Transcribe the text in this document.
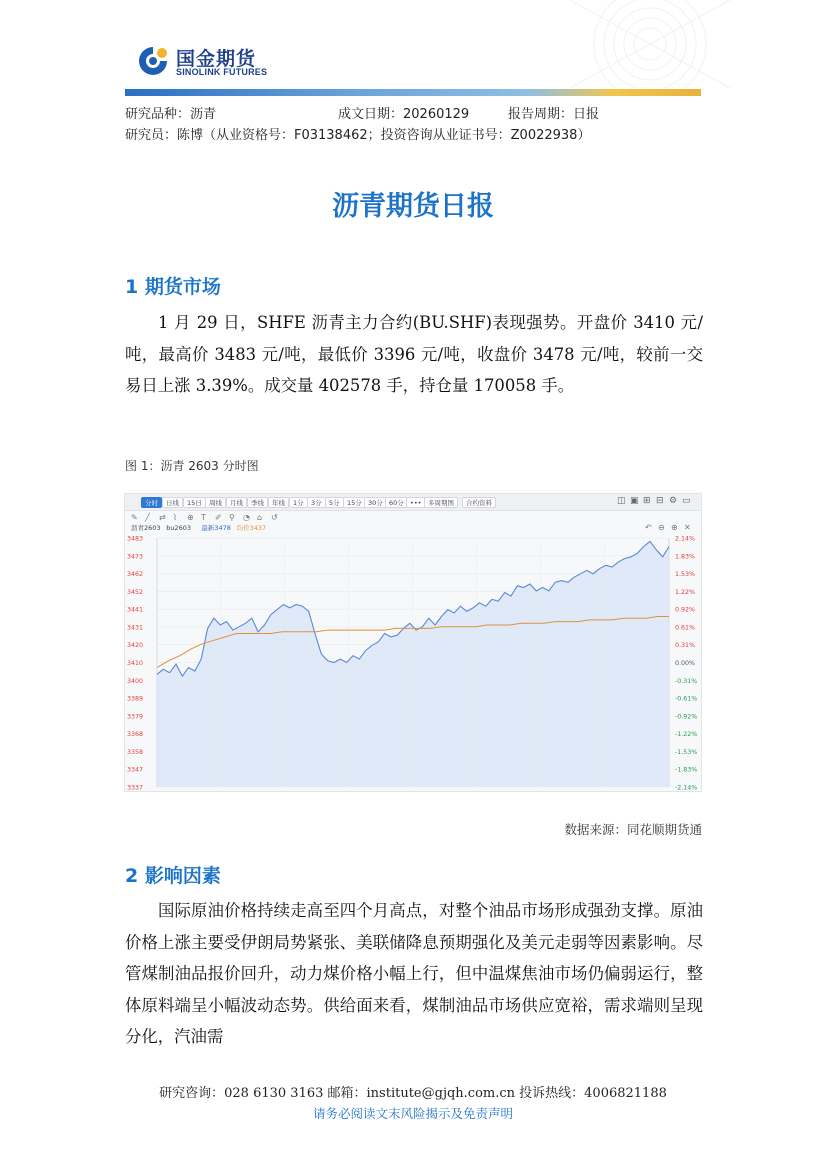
国金期货
SINOLINK FUTURES
研究品种：沥青	成文日期：20260129	报告周期：日报
研究员：陈博（从业资格号：F03138462；投资咨询从业证书号：Z0022938）
沥青期货日报
1 期货市场
1 月 29 日，SHFE 沥青主力合约(BU.SHF)表现强势。开盘价 3410 元/吨，最高价 3483 元/吨，最低价 3396 元/吨，收盘价 3478 元/吨，较前一交易日上涨 3.39%。成交量 402578 手，持仓量 170058 手。
图 1：沥青 2603 分时图
分时	日线	15日	周线	月线	季线	年线	1分	3分	5分	15分 30分 60分 ••• 多周期图	合约资料	◫ ▣ ⊞ ⊟ ⚙ ▭
✎ ╱ ⇄ ⌇ ⊕ T ✐ ⚲ ◔ ⌂ ↺
↶ ⊖ ⊕ ✕
沥青2603 bu2603 最新3478 均价3437
3483	2.14%
3473	1.83%
3462	1.53%
3452	1.22%
3441	0.92%
3431	0.61%
3420	0.31%
3410	0.00%
3400	-0.31%
3389	-0.61%
3379	-0.92%
3368	-1.22%
3358	-1.53%
3347	-1.83%
3337	-2.14%
数据来源：同花顺期货通
2 影响因素
国际原油价格持续走高至四个月高点，对整个油品市场形成强劲支撑。原油价格上涨主要受伊朗局势紧张、美联储降息预期强化及美元走弱等因素影响。尽管煤制油品报价回升，动力煤价格小幅上行，但中温煤焦油市场仍偏弱运行，整体原料端呈小幅波动态势。供给面来看，煤制油品市场供应宽裕，需求端则呈现分化，汽油需
研究咨询：028 6130 3163 邮箱：institute@gjqh.com.cn 投诉热线：4006821188
请务必阅读文末风险揭示及免责声明
